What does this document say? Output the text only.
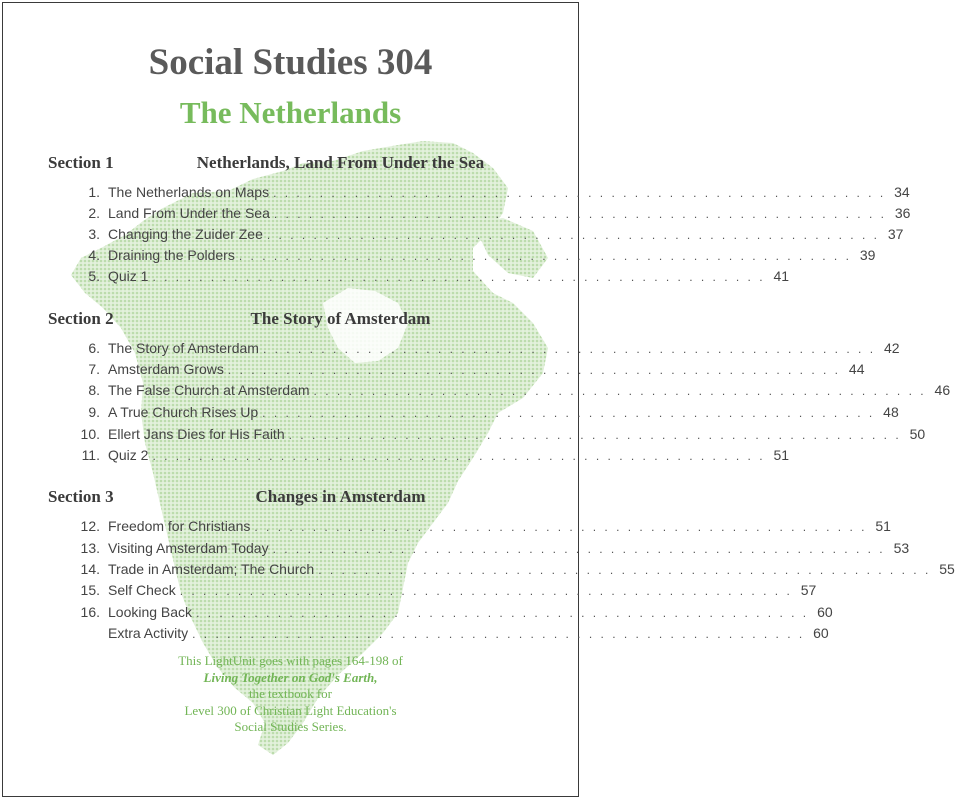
Social Studies 304
The Netherlands
Section 1	Netherlands, Land From Under the Sea
1. The Netherlands on Maps . . . . . . . . . . . . . . . . . . . . . . . . . . . . . . . . . . . . . . . . . . . . . . . . . . . . . 34
2. Land From Under the Sea . . . . . . . . . . . . . . . . . . . . . . . . . . . . . . . . . . . . . . . . . . . . . . . . . . . . . 36
3. Changing the Zuider Zee . . . . . . . . . . . . . . . . . . . . . . . . . . . . . . . . . . . . . . . . . . . . . . . . . . . . . 37
4. Draining the Polders . . . . . . . . . . . . . . . . . . . . . . . . . . . . . . . . . . . . . . . . . . . . . . . . . . . . . 39
5. Quiz 1 . . . . . . . . . . . . . . . . . . . . . . . . . . . . . . . . . . . . . . . . . . . . . . . . . . . . . 41
Section 2	The Story of Amsterdam
6. The Story of Amsterdam . . . . . . . . . . . . . . . . . . . . . . . . . . . . . . . . . . . . . . . . . . . . . . . . . . . . . 42
7. Amsterdam Grows . . . . . . . . . . . . . . . . . . . . . . . . . . . . . . . . . . . . . . . . . . . . . . . . . . . . . 44
8. The False Church at Amsterdam . . . . . . . . . . . . . . . . . . . . . . . . . . . . . . . . . . . . . . . . . . . . . . . . . . . . . 46
9. A True Church Rises Up . . . . . . . . . . . . . . . . . . . . . . . . . . . . . . . . . . . . . . . . . . . . . . . . . . . . . 48
10. Ellert Jans Dies for His Faith . . . . . . . . . . . . . . . . . . . . . . . . . . . . . . . . . . . . . . . . . . . . . . . . . . . . . 50
11. Quiz 2 . . . . . . . . . . . . . . . . . . . . . . . . . . . . . . . . . . . . . . . . . . . . . . . . . . . . . 51
Section 3	Changes in Amsterdam
12. Freedom for Christians . . . . . . . . . . . . . . . . . . . . . . . . . . . . . . . . . . . . . . . . . . . . . . . . . . . . . 51
13. Visiting Amsterdam Today . . . . . . . . . . . . . . . . . . . . . . . . . . . . . . . . . . . . . . . . . . . . . . . . . . . . . 53
14. Trade in Amsterdam; The Church . . . . . . . . . . . . . . . . . . . . . . . . . . . . . . . . . . . . . . . . . . . . . . . . . . . . . 55
15. Self Check . . . . . . . . . . . . . . . . . . . . . . . . . . . . . . . . . . . . . . . . . . . . . . . . . . . . . 57
16. Looking Back . . . . . . . . . . . . . . . . . . . . . . . . . . . . . . . . . . . . . . . . . . . . . . . . . . . . . 60
Extra Activity . . . . . . . . . . . . . . . . . . . . . . . . . . . . . . . . . . . . . . . . . . . . . . . . . . . . . 60
This LightUnit goes with pages 164-198 of
Living Together on God's Earth,
the textbook for
Level 300 of Christian Light Education's
Social Studies Series.
